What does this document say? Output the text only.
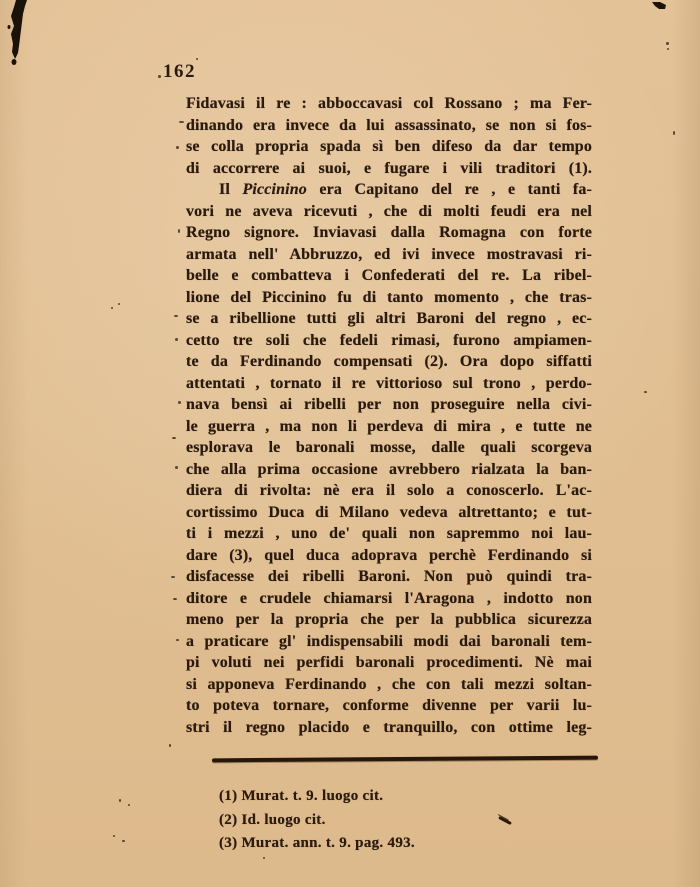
162
Fidavasi il re : abboccavasi col Rossano ; ma Fer-
dinando era invece da lui assassinato, se non si fos-
se colla propria spada sì ben difeso da dar tempo
di accorrere ai suoi, e fugare i vili traditori (1).
Il Piccinino era Capitano del re , e tanti fa-
vori ne aveva ricevuti , che di molti feudi era nel
Regno signore. Inviavasi dalla Romagna con forte
armata nell' Abbruzzo, ed ivi invece mostravasi ri-
belle e combatteva i Confederati del re. La ribel-
lione del Piccinino fu di tanto momento , che tras-
se a ribellione tutti gli altri Baroni del regno , ec-
cetto tre soli che fedeli rimasi, furono ampiamen-
te da Ferdinando compensati (2). Ora dopo siffatti
attentati , tornato il re vittorioso sul trono , perdo-
nava bensì ai ribelli per non proseguire nella civi-
le guerra , ma non li perdeva di mira , e tutte ne
esplorava le baronali mosse, dalle quali scorgeva
che alla prima occasione avrebbero rialzata la ban-
diera di rivolta: nè era il solo a conoscerlo. L'ac-
cortissimo Duca di Milano vedeva altrettanto; e tut-
ti i mezzi , uno de' quali non sapremmo noi lau-
dare (3), quel duca adoprava perchè Ferdinando si
disfacesse dei ribelli Baroni. Non può quindi tra-
ditore e crudele chiamarsi l'Aragona , indotto non
meno per la propria che per la pubblica sicurezza
a praticare gl' indispensabili modi dai baronali tem-
pi voluti nei perfidi baronali procedimenti. Nè mai
si apponeva Ferdinando , che con tali mezzi soltan-
to poteva tornare, conforme divenne per varii lu-
stri il regno placido e tranquillo, con ottime leg-
(1) Murat. t. 9. luogo cit.
(2) Id. luogo cit.
(3) Murat. ann. t. 9. pag. 493.
